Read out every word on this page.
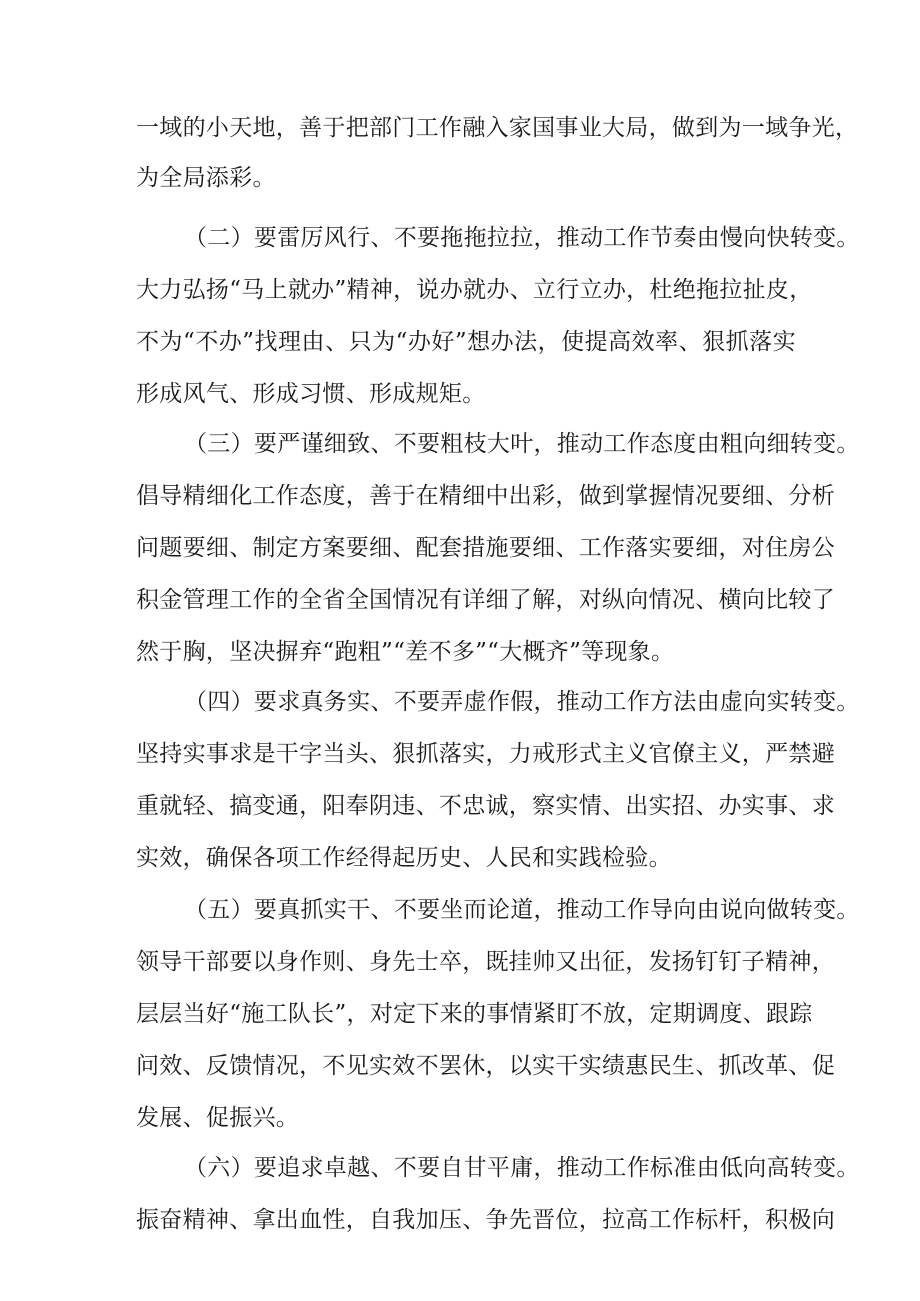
一域的小天地，善于把部门工作融入家国事业大局，做到为一域争光，
为全局添彩。
（二）要雷厉风行、不要拖拖拉拉，推动工作节奏由慢向快转变。
大力弘扬“马上就办”精神，说办就办、立行立办，杜绝拖拉扯皮，
不为“不办”找理由、只为“办好”想办法，使提高效率、狠抓落实
形成风气、形成习惯、形成规矩。
（三）要严谨细致、不要粗枝大叶，推动工作态度由粗向细转变。
倡导精细化工作态度，善于在精细中出彩，做到掌握情况要细、分析
问题要细、制定方案要细、配套措施要细、工作落实要细，对住房公
积金管理工作的全省全国情况有详细了解，对纵向情况、横向比较了
然于胸，坚决摒弃“跑粗”“差不多”“大概齐”等现象。
（四）要求真务实、不要弄虚作假，推动工作方法由虚向实转变。
坚持实事求是干字当头、狠抓落实，力戒形式主义官僚主义，严禁避
重就轻、搞变通，阳奉阴违、不忠诚，察实情、出实招、办实事、求
实效，确保各项工作经得起历史、人民和实践检验。
（五）要真抓实干、不要坐而论道，推动工作导向由说向做转变。
领导干部要以身作则、身先士卒，既挂帅又出征，发扬钉钉子精神，
层层当好“施工队长”，对定下来的事情紧盯不放，定期调度、跟踪
问效、反馈情况，不见实效不罢休，以实干实绩惠民生、抓改革、促
发展、促振兴。
（六）要追求卓越、不要自甘平庸，推动工作标准由低向高转变。
振奋精神、拿出血性，自我加压、争先晋位，拉高工作标杆，积极向
